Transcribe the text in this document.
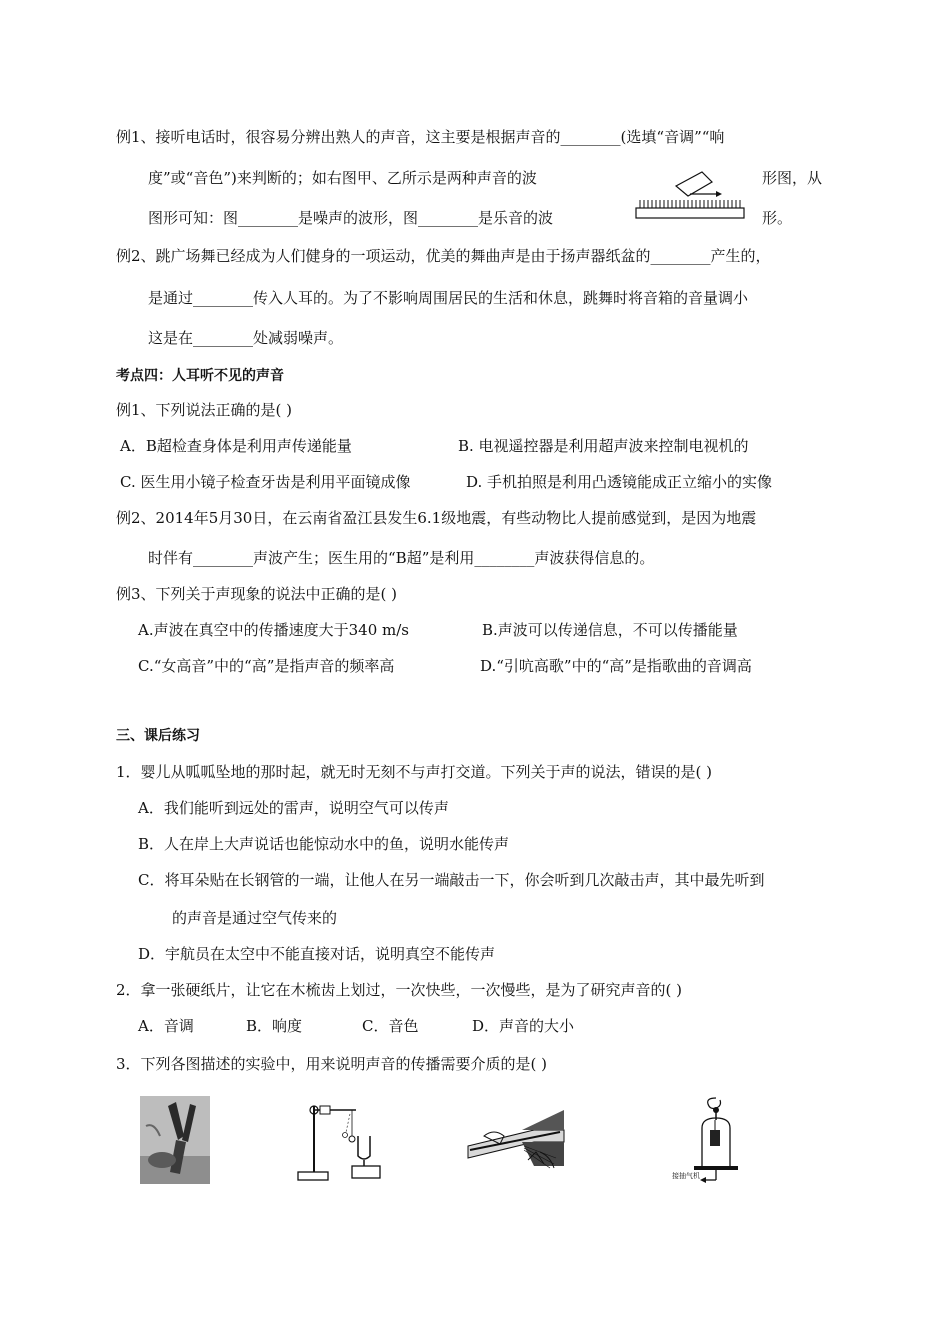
例1、接听电话时，很容易分辨出熟人的声音，这主要是根据声音的________(选填“音调”“响
度”或“音色”)来判断的；如右图甲、乙所示是两种声音的波	形图，从
图形可知：图________是噪声的波形，图________是乐音的波	形。
例2、跳广场舞已经成为人们健身的一项运动，优美的舞曲声是由于扬声器纸盆的________产生的，
是通过________传入人耳的。为了不影响周围居民的生活和休息，跳舞时将音箱的音量调小
这是在________处减弱噪声。
考点四：人耳听不见的声音
例1、下列说法正确的是( )
A．B超检查身体是利用声传递能量	B. 电视遥控器是利用超声波来控制电视机的
C. 医生用小镜子检查牙齿是利用平面镜成像	D. 手机拍照是利用凸透镜能成正立缩小的实像
例2、2014年5月30日，在云南省盈江县发生6.1级地震，有些动物比人提前感觉到，是因为地震
时伴有________声波产生；医生用的“B超”是利用________声波获得信息的。
例3、下列关于声现象的说法中正确的是( )
A.声波在真空中的传播速度大于340 m/s	B.声波可以传递信息，不可以传播能量
C.“女高音”中的“高”是指声音的频率高	D.“引吭高歌”中的“高”是指歌曲的音调高
三、课后练习
1．婴儿从呱呱坠地的那时起，就无时无刻不与声打交道。下列关于声的说法，错误的是( )
A．我们能听到远处的雷声，说明空气可以传声
B．人在岸上大声说话也能惊动水中的鱼，说明水能传声
C．将耳朵贴在长钢管的一端，让他人在另一端敲击一下，你会听到几次敲击声，其中最先听到
的声音是通过空气传来的
D．宇航员在太空中不能直接对话，说明真空不能传声
2．拿一张硬纸片，让它在木梳齿上划过，一次快些，一次慢些，是为了研究声音的( )
A．音调	B．响度	C．音色	D．声音的大小
3．下列各图描述的实验中，用来说明声音的传播需要介质的是( )
接抽气机
